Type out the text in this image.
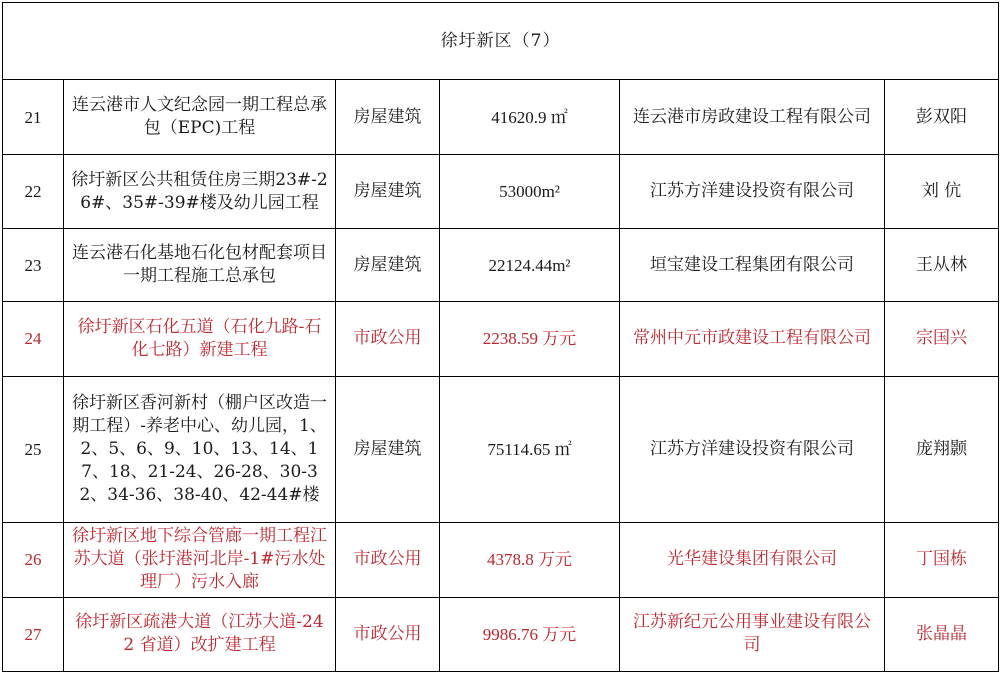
徐圩新区（7）					
21	连云港市人文纪念园一期工程总承包（EPC)工程	房屋建筑	41620.9 ㎡	连云港市房政建设工程有限公司	彭双阳
22	徐圩新区公共租赁住房三期23#-26#、35#-39#楼及幼儿园工程	房屋建筑	53000m²	江苏方洋建设投资有限公司	刘 伉
23	连云港石化基地石化包材配套项目一期工程施工总承包	房屋建筑	22124.44m²	垣宝建设工程集团有限公司	王从林
24	徐圩新区石化五道（石化九路-石化七路）新建工程	市政公用	2238.59 万元	常州中元市政建设工程有限公司	宗国兴
25	徐圩新区香河新村（棚户区改造一期工程）-养老中心、幼儿园，1、2、5、6、9、10、13、14、17、18、21-24、26-28、30-32、34-36、38-40、42-44#楼	房屋建筑	75114.65 ㎡	江苏方洋建设投资有限公司	庞翔颢
26	徐圩新区地下综合管廊一期工程江苏大道（张圩港河北岸-1#污水处理厂）污水入廊	市政公用	4378.8 万元	光华建设集团有限公司	丁国栋
27	徐圩新区疏港大道（江苏大道-242 省道）改扩建工程	市政公用	9986.76 万元	江苏新纪元公用事业建设有限公司	张晶晶
